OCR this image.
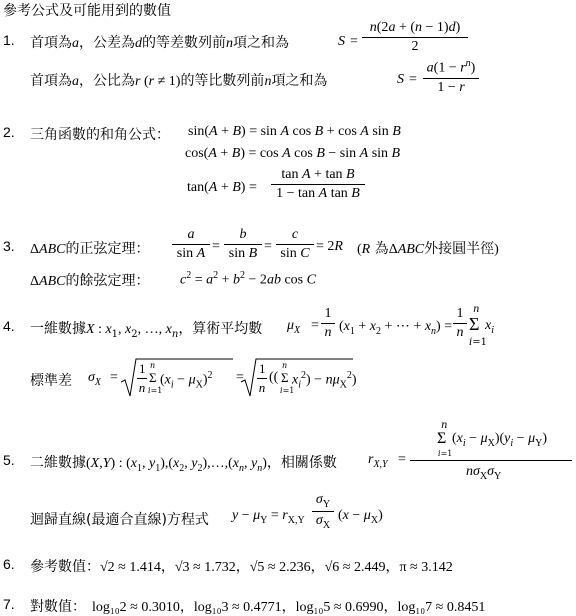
參考公式及可能用到的數值
1. 首項為a，公差為d的等差數列前n項之和為	$S = \frac{n(2a + (n - 1)d)}{2}$
首項為a，公比為r (r ≠ 1)的等比數列前n項之和為	$S = \frac{a(1 - r^n)}{1 - r}$
2. 三角函數的和角公式： sin(A + B) = sin A cos B + cos A sin B
cos(A + B) = cos A cos B − sin A sin B
$\tan(A + B) = \frac{\text{tan A + tan B}}{\text{1 − tan A tan B}}$
3. ΔABC的正弦定理： $\frac{a}{\text{sin A}} = \frac{b}{\text{sin B}} = \frac{c}{\text{sin C}} = 2R$ (R 為ΔABC外接圓半徑)
ΔABC的餘弦定理： $c^2 = a^2 + b^2 - 2ab$ cos C
4. 一維數據X : $x_1$, $x_2$, …, $x_n$，算術平均數 $\mu_X = \frac{1}{n} (x_1 + x_2$ + ⋯ + $x_n) = \frac{1}{n}$ Σ
n
i=1
$x_i$
標準差 $\sigma_X = \frac{1}{n}$ Σ
n
i=1
$(x_i - \mu_X)^2 = \frac{1}{n}$ (( Σ
n
i=1
$x_i^2) - n\mu_X^2$)
5. 二維數據(X,Y) : ($x_1$, $y_1),(x_2$, $y_2),\dots,(x_n$, $y_n$)，相關係數 $r_{X,Y}$ =
n
Σ
i=1
$(x_i - \mu_X)(y_i - \mu_Y)$
$n\sigma_X\sigma_Y$
迴歸直線(最適合直線)方程式 $y - \mu_Y = r_{X,Y} \frac{\sigma_Y}{\sigma_X} (x - \mu_X)$
6. 參考數值： √2 ≈ 1.414，√3 ≈ 1.732，√5 ≈ 2.236，√6 ≈ 2.449，π ≈ 3.142
7. 對數值： log₁₀2 ≈ 0.3010，log₁₀3 ≈ 0.4771，log₁₀5 ≈ 0.6990，log₁₀7 ≈ 0.8451
